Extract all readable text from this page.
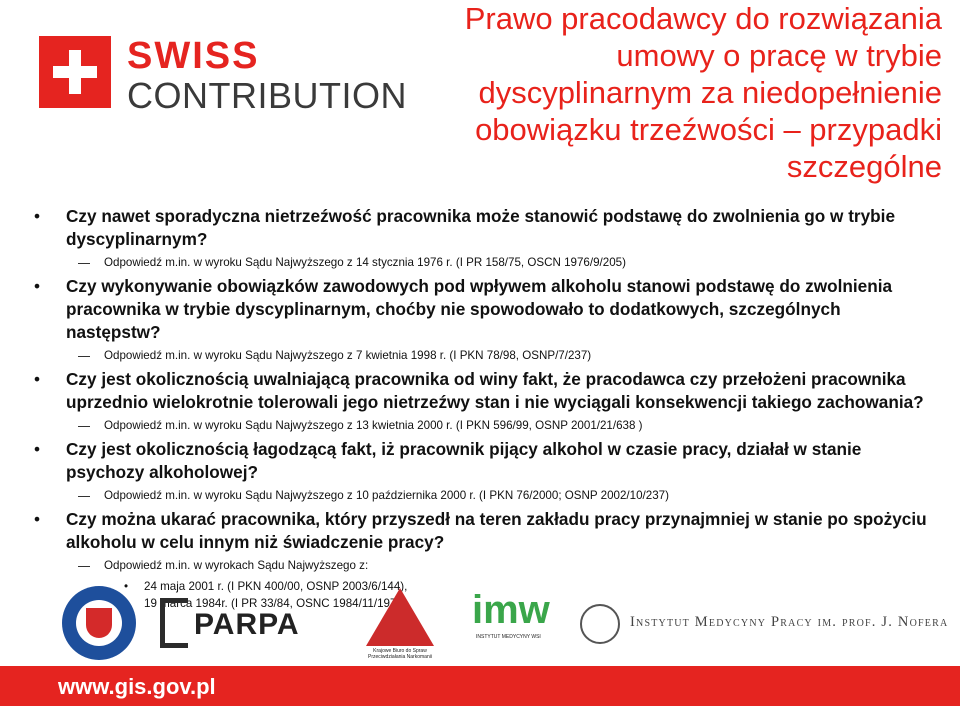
SWISS
CONTRIBUTION
Prawo pracodawcy do rozwiązania umowy o pracę w trybie dyscyplinarnym za niedopełnienie obowiązku trzeźwości – przypadki szczególne
• Czy nawet sporadyczna nietrzeźwość pracownika może stanowić podstawę do zwolnienia go w trybie dyscyplinarnym?
Odpowiedź m.in. w wyroku Sądu Najwyższego z 14 stycznia 1976 r. (I PR 158/75, OSCN 1976/9/205)
• Czy wykonywanie obowiązków zawodowych pod wpływem alkoholu stanowi podstawę do zwolnienia pracownika w trybie dyscyplinarnym, choćby nie spowodowało to dodatkowych, szczególnych następstw?
Odpowiedź m.in. w wyroku Sądu Najwyższego z 7 kwietnia 1998 r. (I PKN 78/98, OSNP/7/237)
• Czy jest okolicznością uwalniającą pracownika od winy fakt, że pracodawca czy przełożeni pracownika uprzednio wielokrotnie tolerowali jego nietrzeźwy stan i nie wyciągali konsekwencji takiego zachowania?
Odpowiedź m.in. w wyroku Sądu Najwyższego z 13 kwietnia 2000 r. (I PKN 596/99, OSNP 2001/21/638 )
• Czy jest okolicznością łagodzącą fakt, iż pracownik pijący alkohol w czasie pracy, działał w stanie psychozy alkoholowej?
Odpowiedź m.in. w wyroku Sądu Najwyższego z 10 października 2000 r. (I PKN 76/2000; OSNP 2002/10/237)
• Czy można ukarać pracownika, który przyszedł na teren zakładu pracy przynajmniej w stanie po spożyciu alkoholu w celu innym niż świadczenie pracy?
Odpowiedź m.in. w wyrokach Sądu Najwyższego z:
• 24 maja 2001 r. (I PKN 400/00, OSNP 2003/6/144),
• 19 marca 1984r. (I PR 33/84, OSNC 1984/11/197)
PARPA
Krajowe Biuro do Spraw Przeciwdziałania Narkomanii
imw
INSTYTUT MEDYCYNY WSI
Instytut Medycyny Pracy im. prof. J. Nofera
www.gis.gov.pl
